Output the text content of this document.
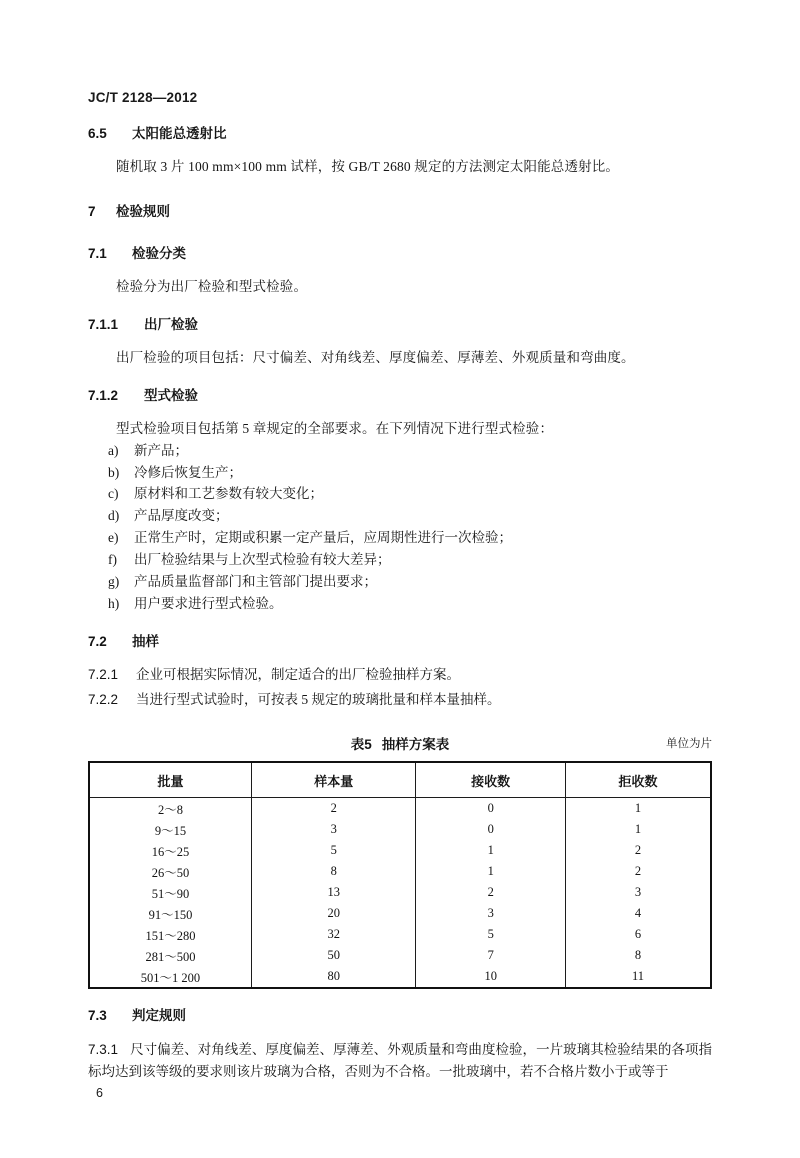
JC/T 2128—2012

6.5 太阳能总透射比

随机取 3 片 100 mm×100 mm 试样，按 GB/T 2680 规定的方法测定太阳能总透射比。

7 检验规则

7.1 检验分类

检验分为出厂检验和型式检验。

7.1.1 出厂检验

出厂检验的项目包括：尺寸偏差、对角线差、厚度偏差、厚薄差、外观质量和弯曲度。

7.1.2 型式检验

型式检验项目包括第 5 章规定的全部要求。在下列情况下进行型式检验：

a)	新产品；
b)	冷修后恢复生产；
c)	原材料和工艺参数有较大变化；
d)	产品厚度改变；
e)	正常生产时，定期或积累一定产量后，应周期性进行一次检验；
f)	出厂检验结果与上次型式检验有较大差异；
g)	产品质量监督部门和主管部门提出要求；
h)	用户要求进行型式检验。

7.2 抽样

7.2.1	企业可根据实际情况，制定适合的出厂检验抽样方案。

7.2.2	当进行型式试验时，可按表 5 规定的玻璃批量和样本量抽样。

表5 抽样方案表	单位为片
批量	样本量	接收数	拒收数
2～8	2	0	1
9～15	3	0	1
16～25	5	1	2
26～50	8	1	2
51～90	13	2	3
91～150	20	3	4
151～280	32	5	6
281～500	50	7	8
501～1 200	80	10	11

7.3 判定规则

7.3.1 尺寸偏差、对角线差、厚度偏差、厚薄差、外观质量和弯曲度检验，一片玻璃其检验结果的各项指标均达到该等级的要求则该片玻璃为合格，否则为不合格。一批玻璃中，若不合格片数小于或等于

6
